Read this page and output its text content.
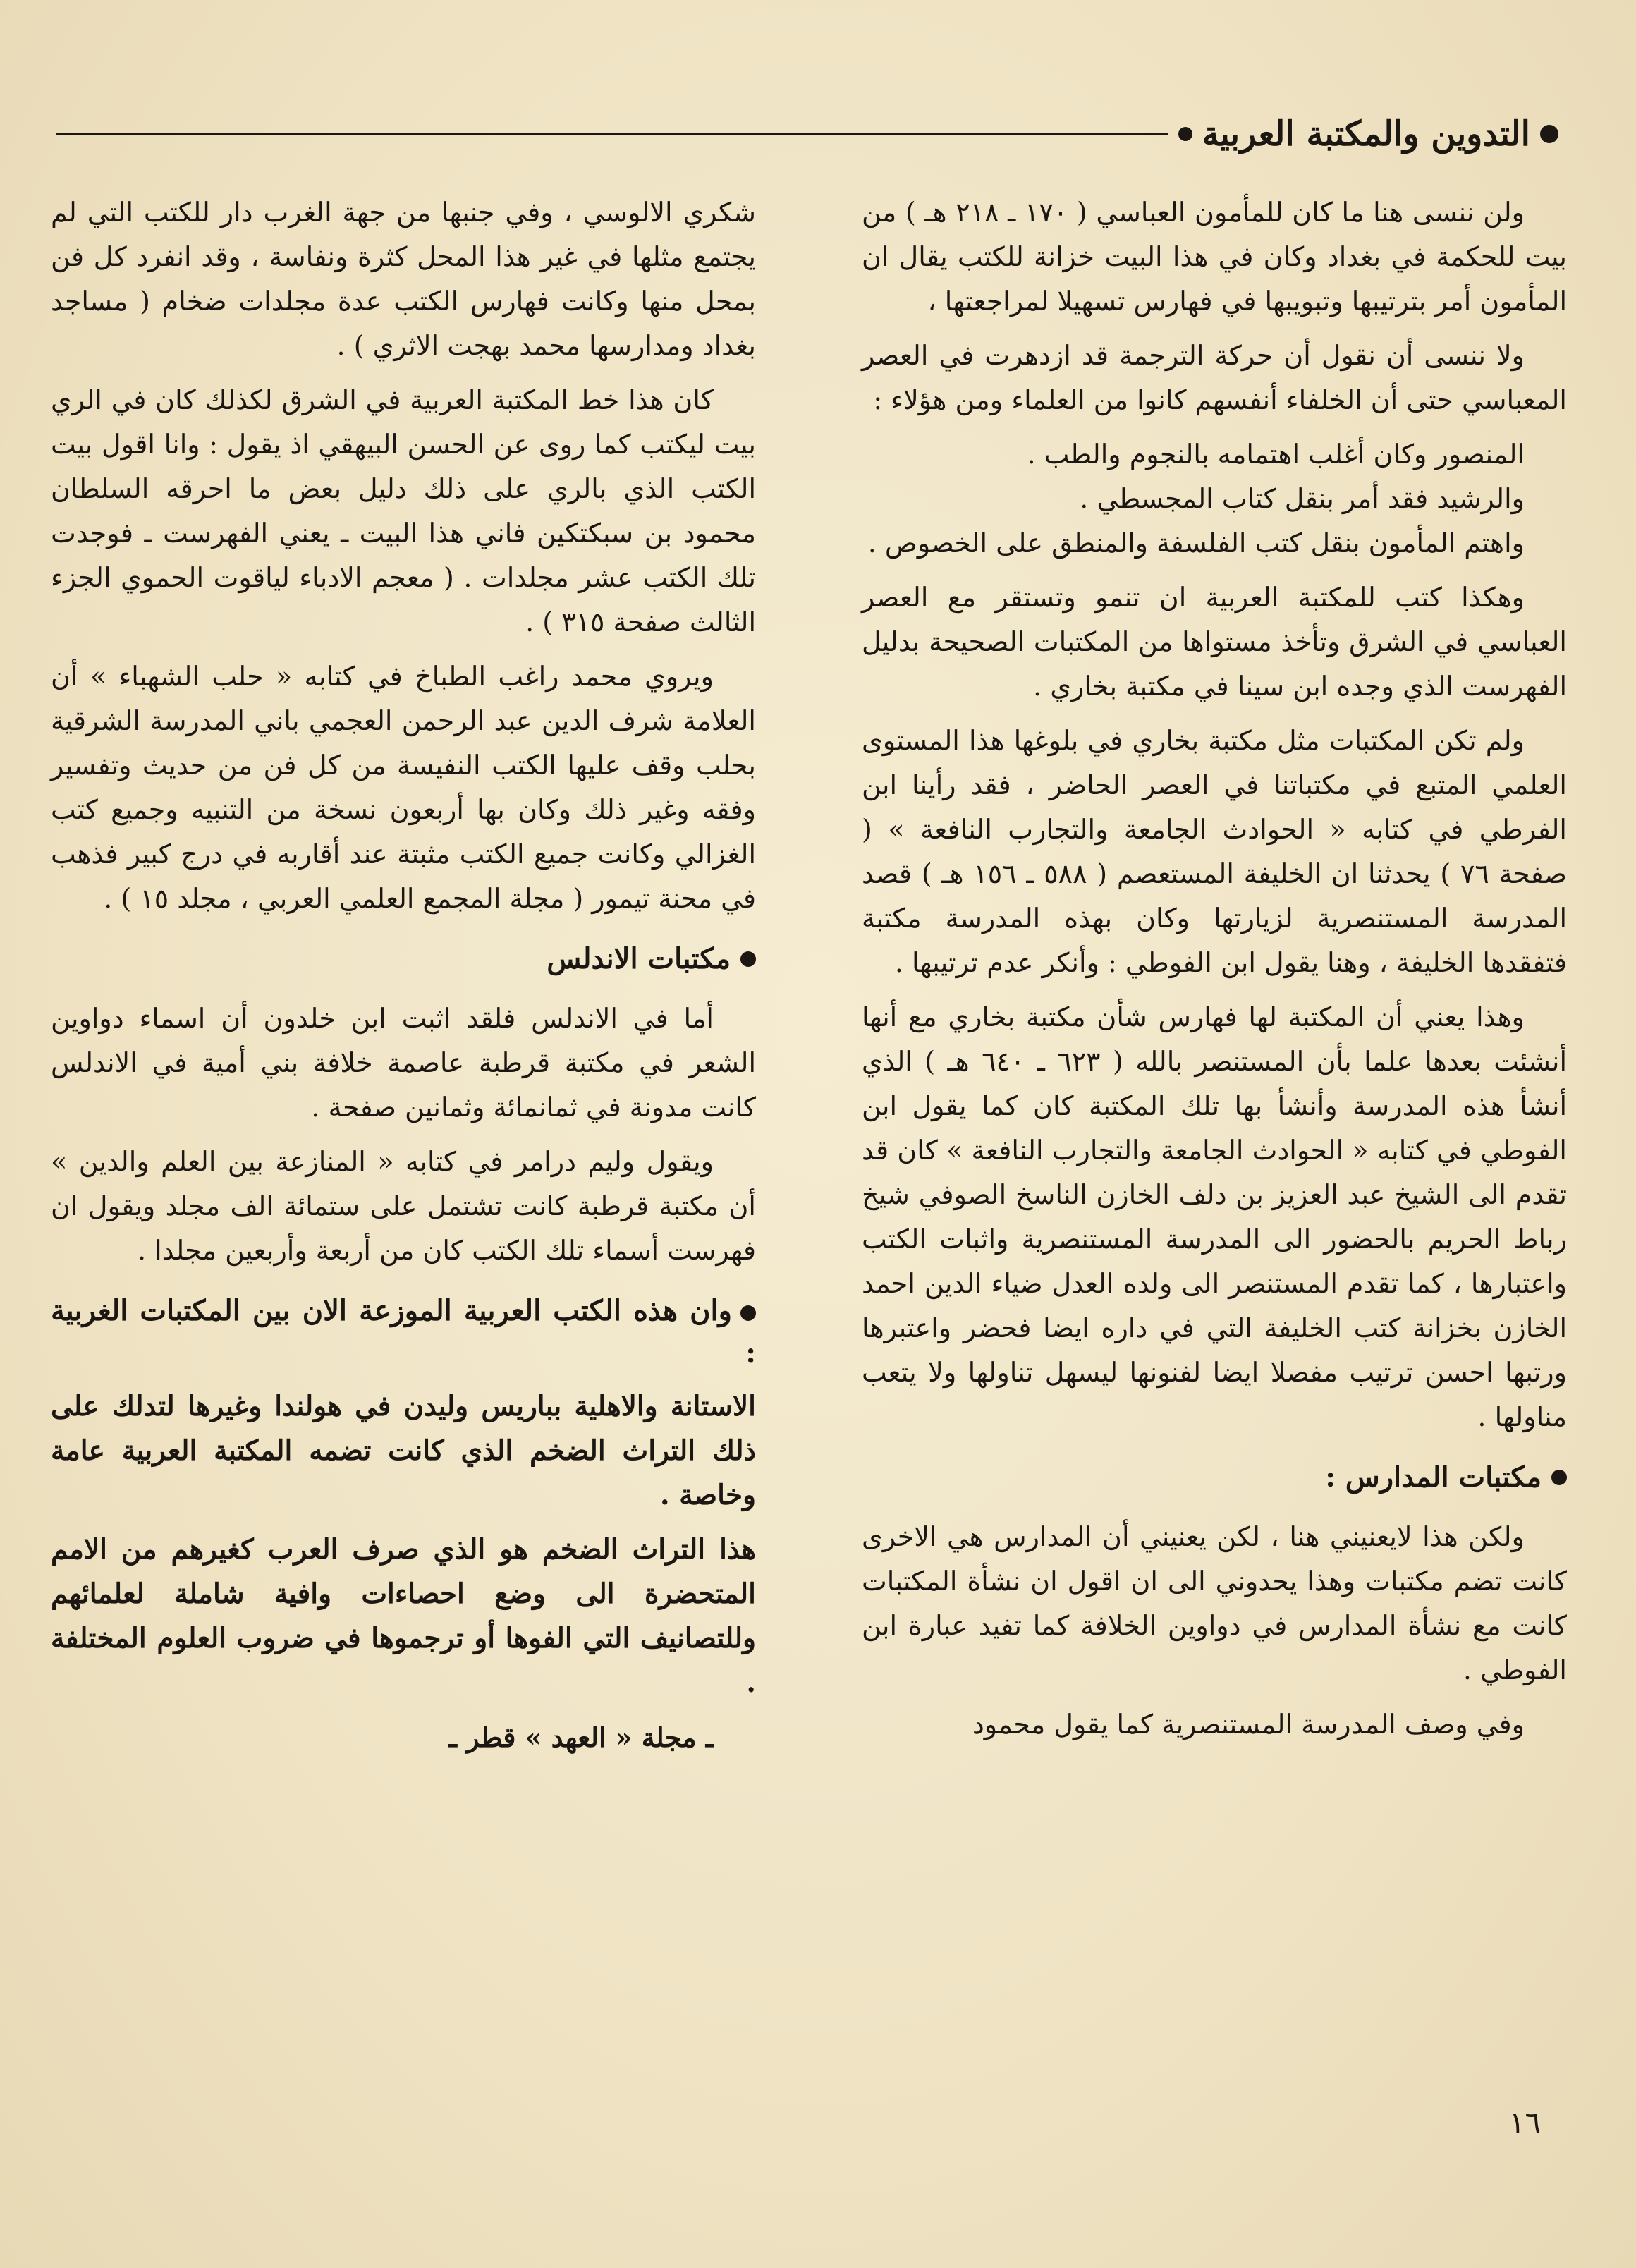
التدوين والمكتبة العربية

ولن ننسى هنا ما كان للمأمون العباسي ( ١٧٠ ـ ٢١٨ هـ ) من بيت للحكمة في بغداد وكان في هذا البيت خزانة للكتب يقال ان المأمون أمر بترتيبها وتبويبها في فهارس تسهيلا لمراجعتها ،

ولا ننسى أن نقول أن حركة الترجمة قد ازدهرت في العصر المعباسي حتى أن الخلفاء أنفسهم كانوا من العلماء ومن هؤلاء :

المنصور وكان أغلب اهتمامه بالنجوم والطب .

والرشيد فقد أمر بنقل كتاب المجسطي .

واهتم المأمون بنقل كتب الفلسفة والمنطق على الخصوص .

وهكذا كتب للمكتبة العربية ان تنمو وتستقر مع العصر العباسي في الشرق وتأخذ مستواها من المكتبات الصحيحة بدليل الفهرست الذي وجده ابن سينا في مكتبة بخاري .

ولم تكن المكتبات مثل مكتبة بخاري في بلوغها هذا المستوى العلمي المتبع في مكتباتنا في العصر الحاضر ، فقد رأينا ابن الفرطي في كتابه « الحوادث الجامعة والتجارب النافعة » ( صفحة ٧٦ ) يحدثنا ان الخليفة المستعصم ( ٥٨٨ ـ ١٥٦ هـ ) قصد المدرسة المستنصرية لزيارتها وكان بهذه المدرسة مكتبة فتفقدها الخليفة ، وهنا يقول ابن الفوطي : وأنكر عدم ترتيبها .

وهذا يعني أن المكتبة لها فهارس شأن مكتبة بخاري مع أنها أنشئت بعدها علما بأن المستنصر بالله ( ٦٢٣ ـ ٦٤٠ هـ ) الذي أنشأ هذه المدرسة وأنشأ بها تلك المكتبة كان كما يقول ابن الفوطي في كتابه « الحوادث الجامعة والتجارب النافعة » كان قد تقدم الى الشيخ عبد العزيز بن دلف الخازن الناسخ الصوفي شيخ رباط الحريم بالحضور الى المدرسة المستنصرية واثبات الكتب واعتبارها ، كما تقدم المستنصر الى ولده العدل ضياء الدين احمد الخازن بخزانة كتب الخليفة التي في داره ايضا فحضر واعتبرها ورتبها احسن ترتيب مفصلا ايضا لفنونها ليسهل تناولها ولا يتعب مناولها .

مكتبات المدارس :

ولكن هذا لايعنيني هنا ، لكن يعنيني أن المدارس هي الاخرى كانت تضم مكتبات وهذا يحدوني الى ان اقول ان نشأة المكتبات كانت مع نشأة المدارس في دواوين الخلافة كما تفيد عبارة ابن الفوطي .

وفي وصف المدرسة المستنصرية كما يقول محمود

شكري الالوسي ، وفي جنبها من جهة الغرب دار للكتب التي لم يجتمع مثلها في غير هذا المحل كثرة ونفاسة ، وقد انفرد كل فن بمحل منها وكانت فهارس الكتب عدة مجلدات ضخام ( مساجد بغداد ومدارسها محمد بهجت الاثري ) .

كان هذا خط المكتبة العربية في الشرق لكذلك كان في الري بيت ليكتب كما روى عن الحسن البيهقي اذ يقول : وانا اقول بيت الكتب الذي بالري على ذلك دليل بعض ما احرقه السلطان محمود بن سبكتكين فاني هذا البيت ـ يعني الفهرست ـ فوجدت تلك الكتب عشر مجلدات . ( معجم الادباء لياقوت الحموي الجزء الثالث صفحة ٣١٥ ) .

ويروي محمد راغب الطباخ في كتابه « حلب الشهباء » أن العلامة شرف الدين عبد الرحمن العجمي باني المدرسة الشرقية بحلب وقف عليها الكتب النفيسة من كل فن من حديث وتفسير وفقه وغير ذلك وكان بها أربعون نسخة من التنبيه وجميع كتب الغزالي وكانت جميع الكتب مثبتة عند أقاربه في درج كبير فذهب في محنة تيمور ( مجلة المجمع العلمي العربي ، مجلد ١٥ ) .

مكتبات الاندلس

أما في الاندلس فلقد اثبت ابن خلدون أن اسماء دواوين الشعر في مكتبة قرطبة عاصمة خلافة بني أمية في الاندلس كانت مدونة في ثمانمائة وثمانين صفحة .

ويقول وليم درامر في كتابه « المنازعة بين العلم والدين » أن مكتبة قرطبة كانت تشتمل على ستمائة الف مجلد ويقول ان فهرست أسماء تلك الكتب كان من أربعة وأربعين مجلدا .

وان هذه الكتب العربية الموزعة الان بين المكتبات الغربية :

الاستانة والاهلية بباريس وليدن في هولندا وغيرها لتدلك على ذلك التراث الضخم الذي كانت تضمه المكتبة العربية عامة وخاصة .

هذا التراث الضخم هو الذي صرف العرب كغيرهم من الامم المتحضرة الى وضع احصاءات وافية شاملة لعلمائهم وللتصانيف التي الفوها أو ترجموها في ضروب العلوم المختلفة .

ـ مجلة « العهد » قطر ـ

١٦
